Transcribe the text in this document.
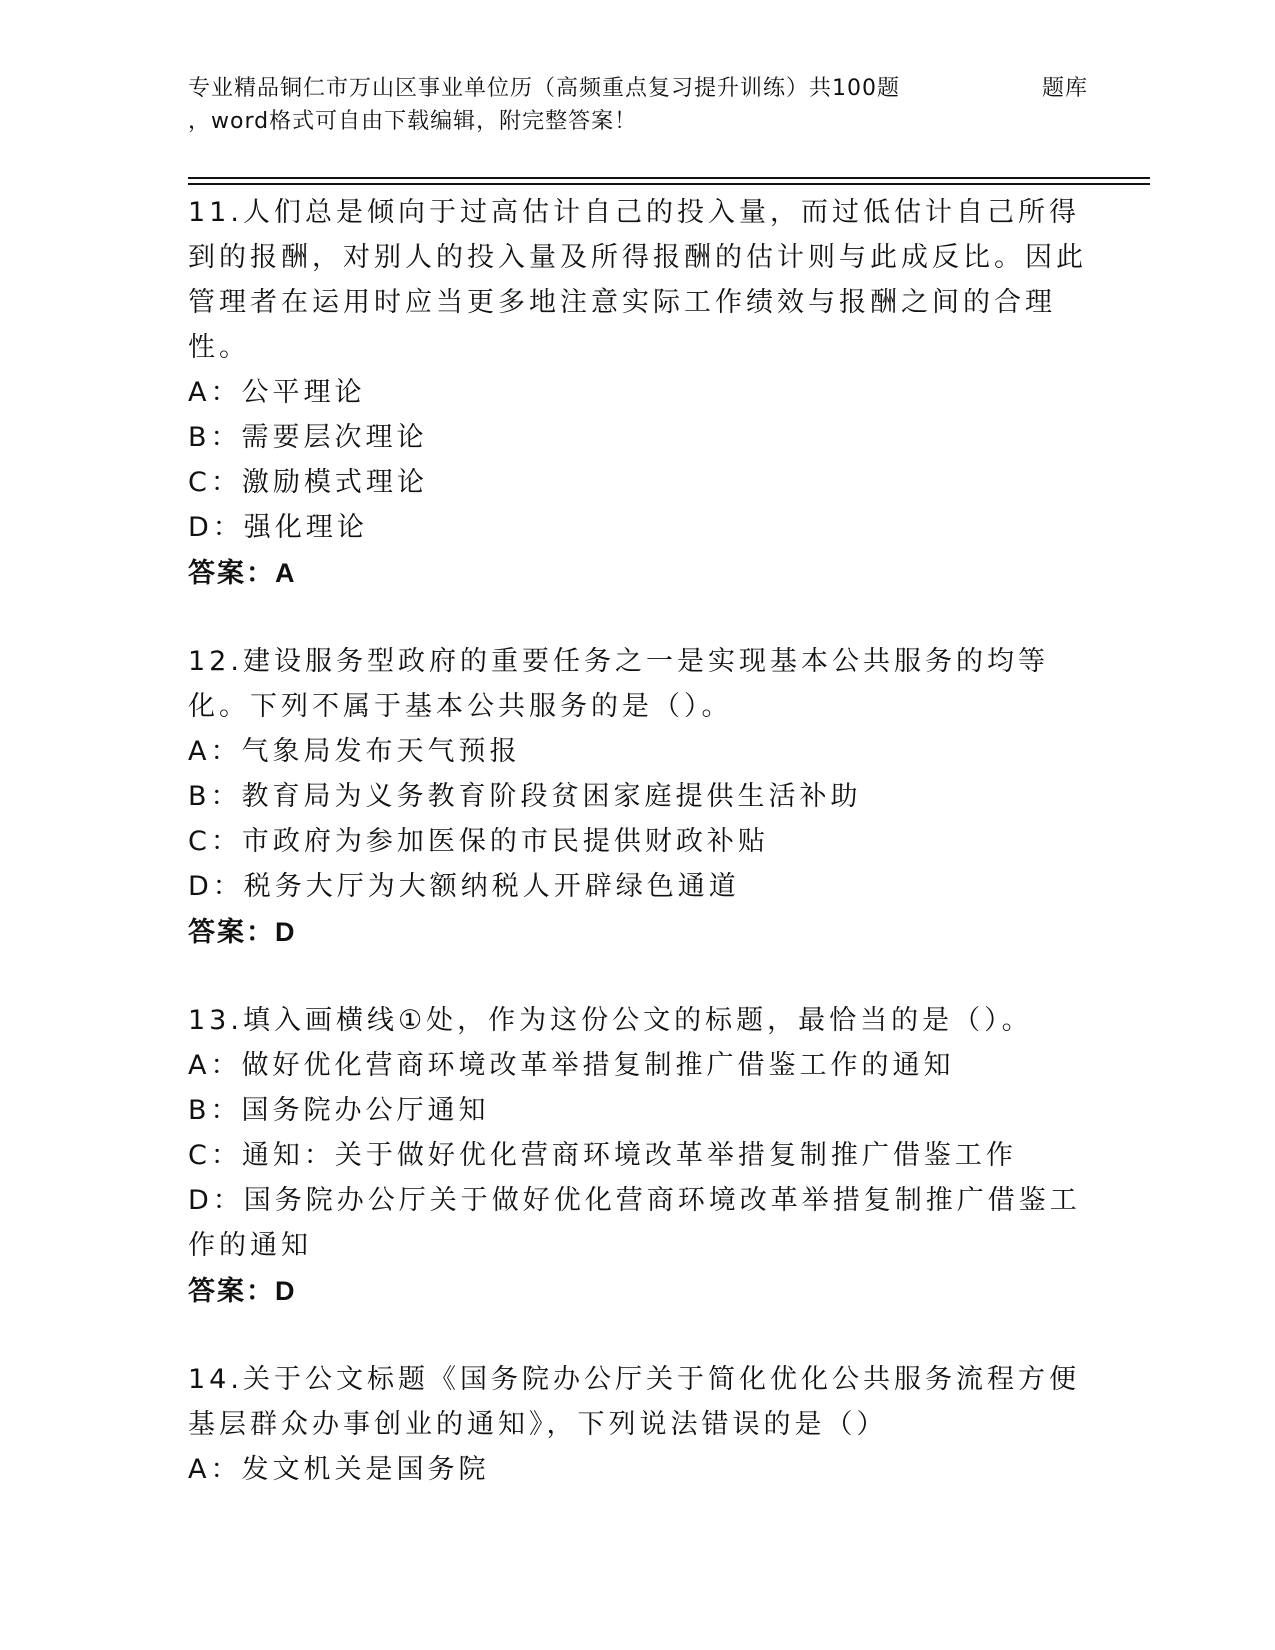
专业精品铜仁市万山区事业单位历（高频重点复习提升训练）共100题	题库
，word格式可自由下载编辑，附完整答案！
11.人们总是倾向于过高估计自己的投入量，而过低估计自己所得到的报酬，对别人的投入量及所得报酬的估计则与此成反比。因此管理者在运用时应当更多地注意实际工作绩效与报酬之间的合理性。
A：公平理论
B：需要层次理论
C：激励模式理论
D：强化理论
答案：A
12.建设服务型政府的重要任务之一是实现基本公共服务的均等化。下列不属于基本公共服务的是（）。
A：气象局发布天气预报
B：教育局为义务教育阶段贫困家庭提供生活补助
C：市政府为参加医保的市民提供财政补贴
D：税务大厅为大额纳税人开辟绿色通道
答案：D
13.填入画横线①处，作为这份公文的标题，最恰当的是（）。
A：做好优化营商环境改革举措复制推广借鉴工作的通知
B：国务院办公厅通知
C：通知：关于做好优化营商环境改革举措复制推广借鉴工作
D：国务院办公厅关于做好优化营商环境改革举措复制推广借鉴工作的通知
答案：D
14.关于公文标题《国务院办公厅关于简化优化公共服务流程方便基层群众办事创业的通知》，下列说法错误的是（）
A：发文机关是国务院
